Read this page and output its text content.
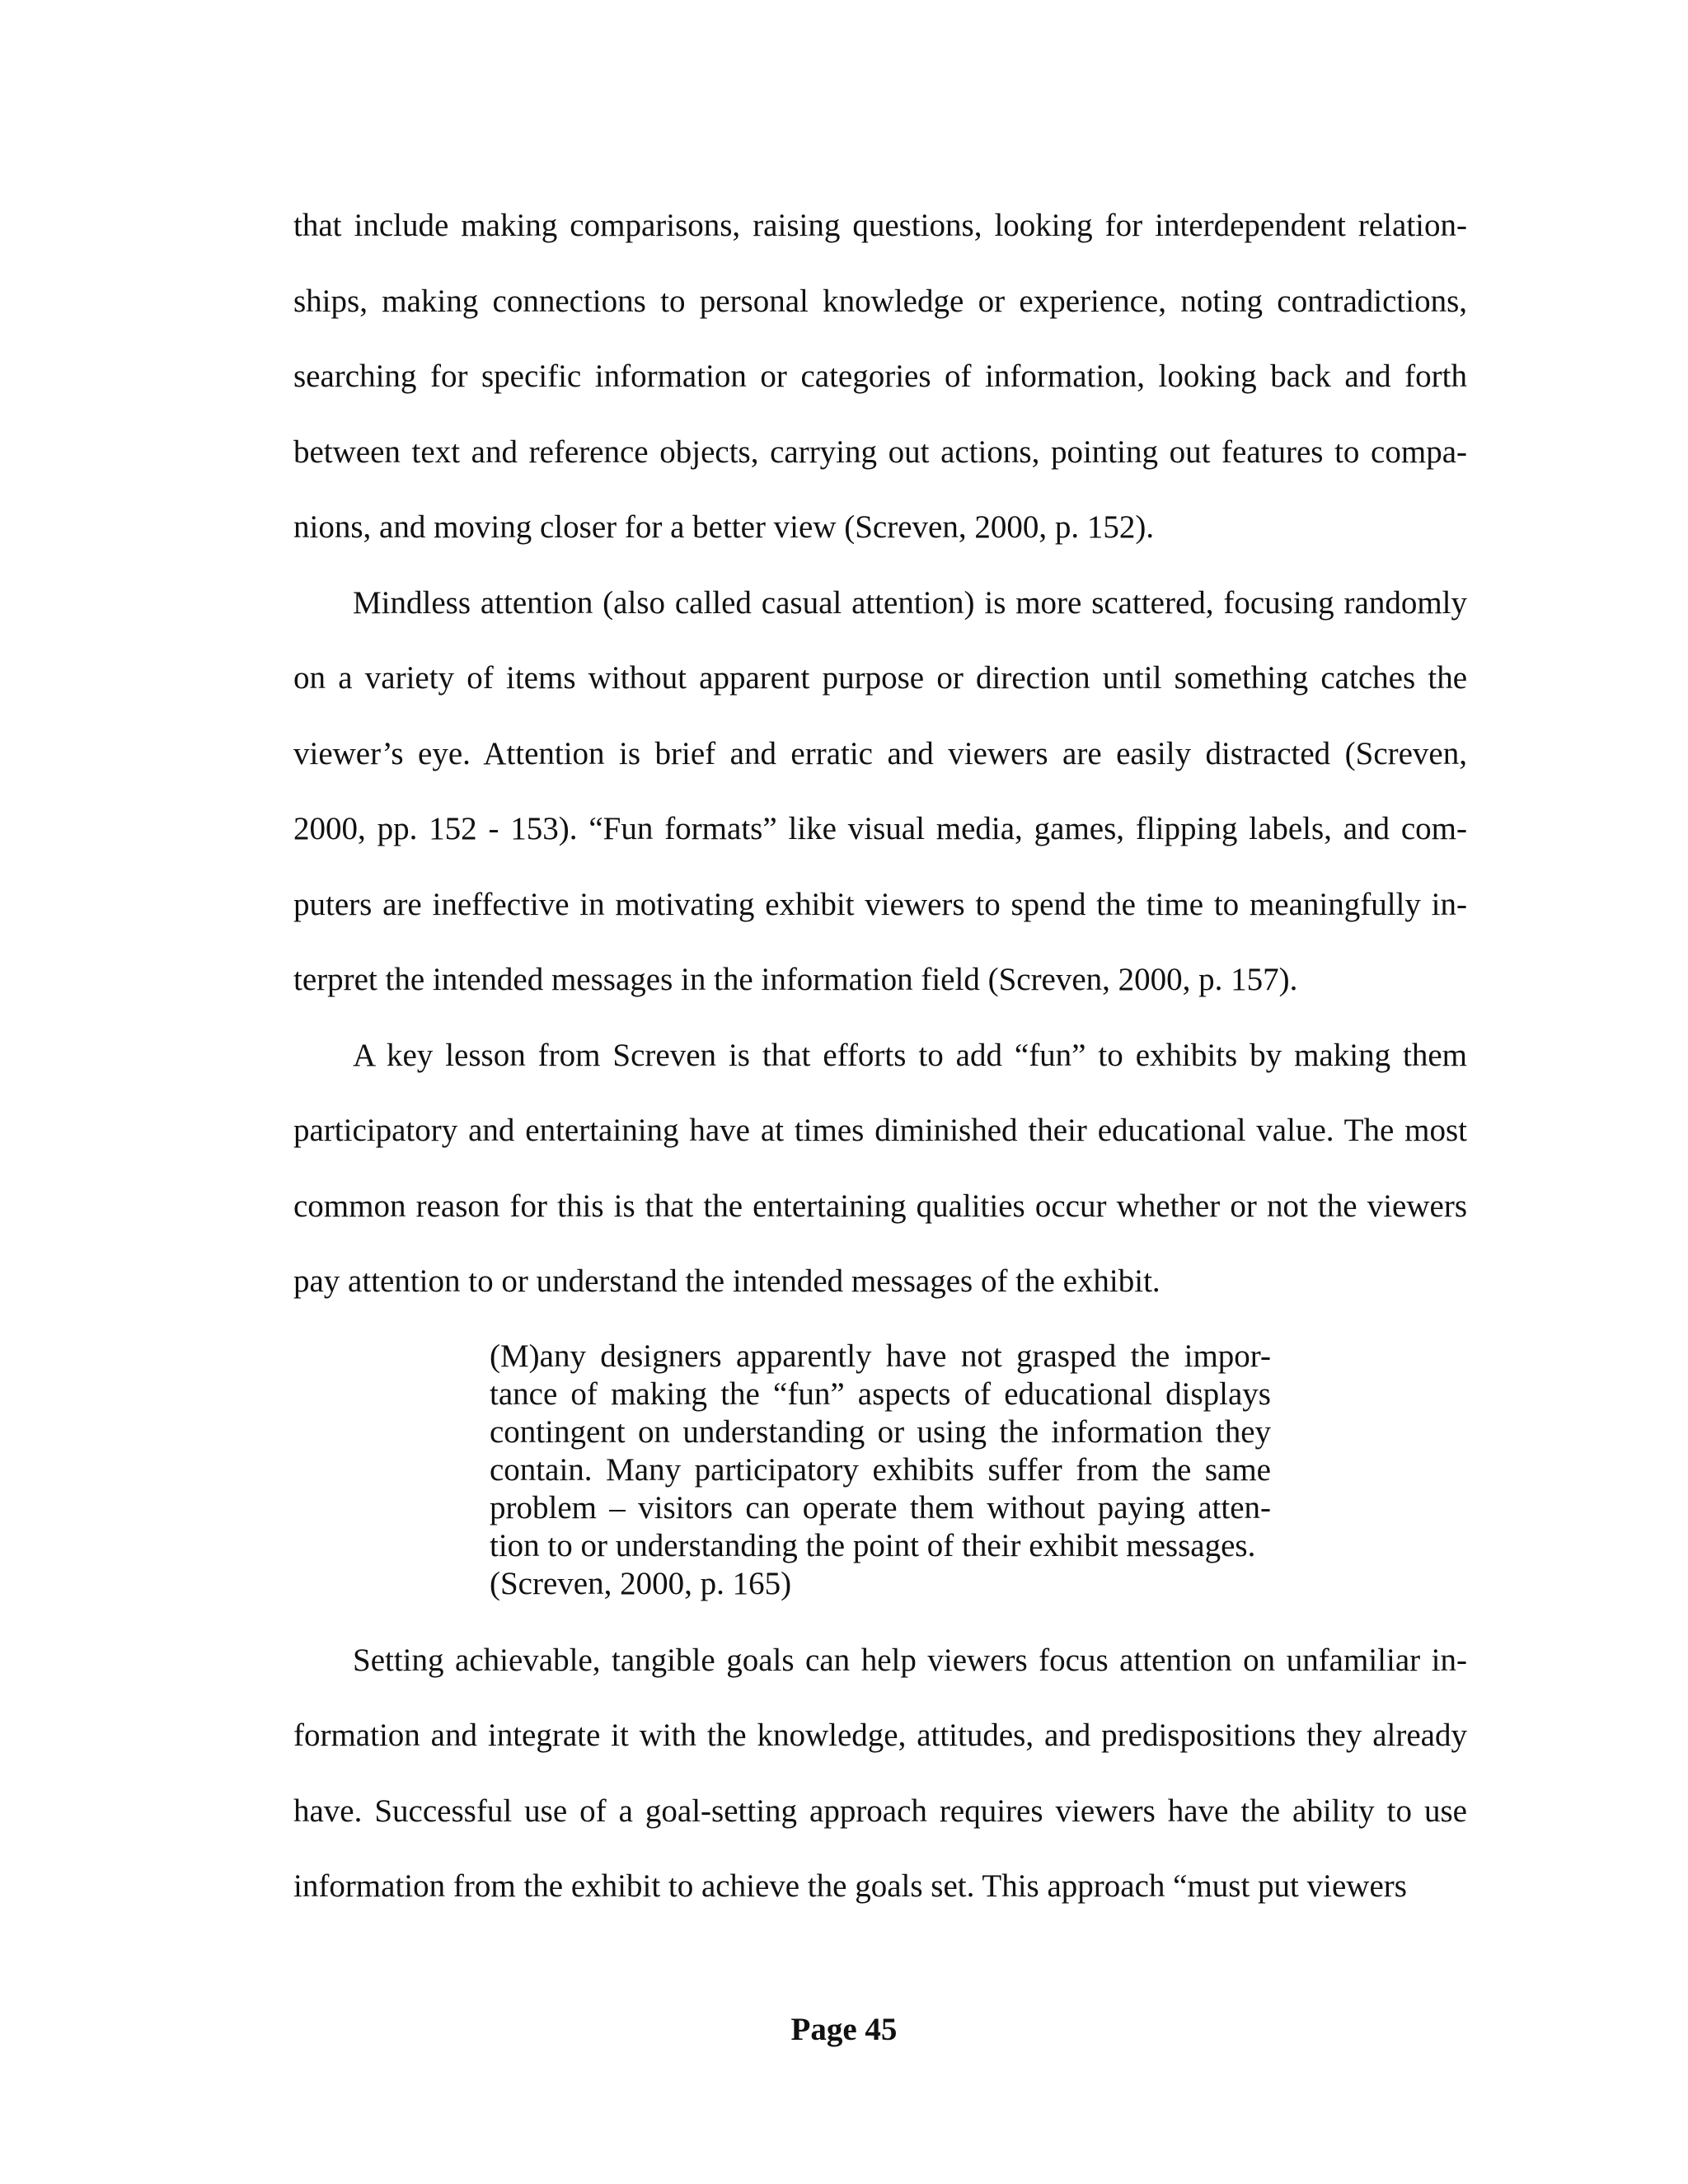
that include making comparisons, raising questions, looking for interdependent relation-ships, making connections to personal knowledge or experience, noting contradictions, searching for specific information or categories of information, looking back and forth between text and reference objects, carrying out actions, pointing out features to compa-nions, and moving closer for a better view (Screven, 2000, p. 152).

Mindless attention (also called casual attention) is more scattered, focusing randomly on a variety of items without apparent purpose or direction until something catches the viewer’s eye. Attention is brief and erratic and viewers are easily distracted (Screven, 2000, pp. 152 - 153). “Fun formats” like visual media, games, flipping labels, and com-puters are ineffective in motivating exhibit viewers to spend the time to meaningfully in-terpret the intended messages in the information field (Screven, 2000, p. 157).

A key lesson from Screven is that efforts to add “fun” to exhibits by making them participatory and entertaining have at times diminished their educational value. The most common reason for this is that the entertaining qualities occur whether or not the viewers pay attention to or understand the intended messages of the exhibit.

(M)any designers apparently have not grasped the impor-tance of making the “fun” aspects of educational displays contingent on understanding or using the information they contain. Many participatory exhibits suffer from the same problem – visitors can operate them without paying atten-tion to or understanding the point of their exhibit messages.
(Screven, 2000, p. 165)

Setting achievable, tangible goals can help viewers focus attention on unfamiliar in-formation and integrate it with the knowledge, attitudes, and predispositions they already have. Successful use of a goal-setting approach requires viewers have the ability to use information from the exhibit to achieve the goals set. This approach “must put viewers

Page 45
